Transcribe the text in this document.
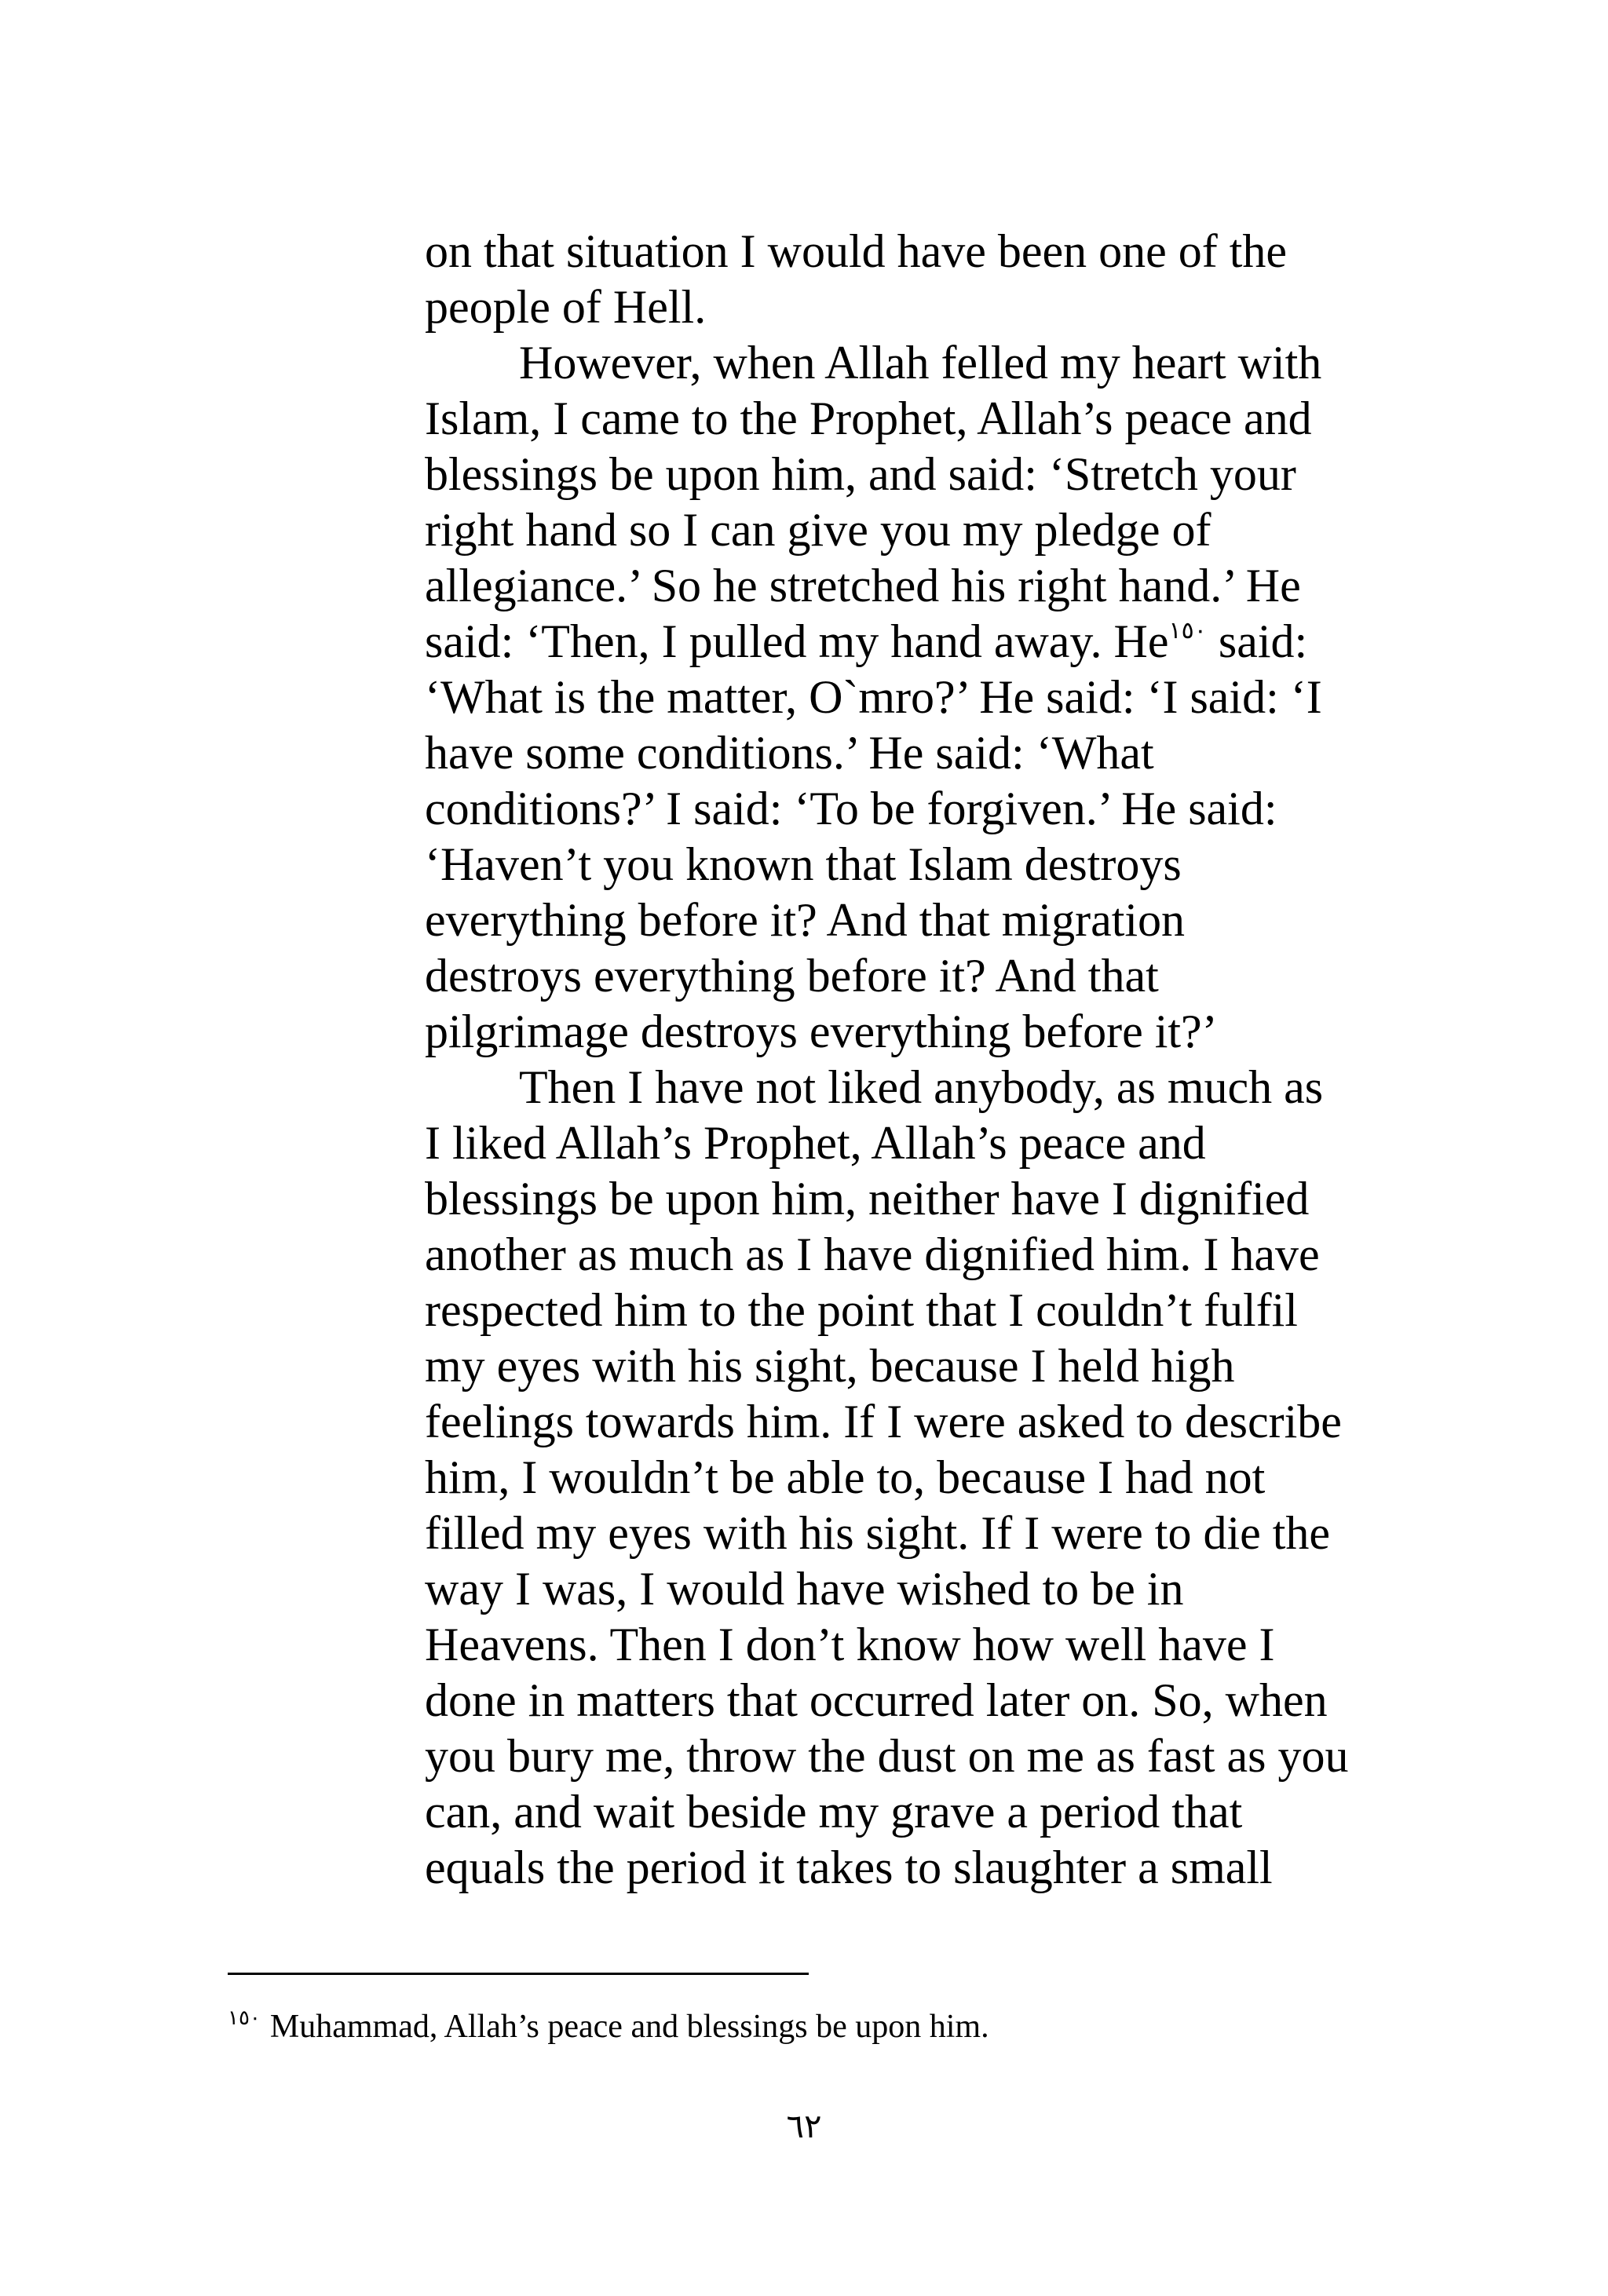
on that situation I would have been one of the
people of Hell.
However, when Allah felled my heart with
Islam, I came to the Prophet, Allah’s peace and
blessings be upon him, and said: ‘Stretch your
right hand so I can give you my pledge of
allegiance.’ So he stretched his right hand.’ He
said: ‘Then, I pulled my hand away. He$^{١٥٠}$ said:
‘What is the matter, O`mro?’ He said: ‘I said: ‘I
have some conditions.’ He said: ‘What
conditions?’ I said: ‘To be forgiven.’ He said:
‘Haven’t you known that Islam destroys
everything before it? And that migration
destroys everything before it? And that
pilgrimage destroys everything before it?’
Then I have not liked anybody, as much as
I liked Allah’s Prophet, Allah’s peace and
blessings be upon him, neither have I dignified
another as much as I have dignified him. I have
respected him to the point that I couldn’t fulfil
my eyes with his sight, because I held high
feelings towards him. If I were asked to describe
him, I wouldn’t be able to, because I had not
filled my eyes with his sight. If I were to die the
way I was, I would have wished to be in
Heavens. Then I don’t know how well have I
done in matters that occurred later on. So, when
you bury me, throw the dust on me as fast as you
can, and wait beside my grave a period that
equals the period it takes to slaughter a small
$^{١٥٠}$ Muhammad, Allah’s peace and blessings be upon him.
٦٢
